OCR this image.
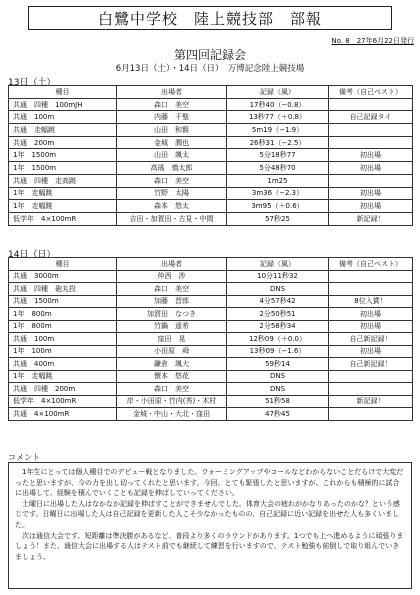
白鷺中学校　陸上競技部　部報
No. 8　27年6月22日発行
第四回記録会
6月13日（土）・14日（日）　万博記念陸上競技場
13日（土）
種目	出場者	記録（風）	備考（自己ベスト）
共通　四種　100mJH	森口　美空	17秒40（−0.8）	
共通　100m	内藤　千聖	13秒77（＋0.8）	自己記録タイ
共通　走幅跳	山田　和賢	5m19（−1.9）	
共通　200m	金城　潤也	26秒31（−2.5）	
1年　1500m	山田　颯太	5分18秒77	初出場
1年　1500m	高瑤　慎太郎	5分48秒70	初出場
共通　四種　走高跳	森口　美空	1m25	
1年　走幅跳	竹野　太陽	3m36（−2.3）	初出場
1年　走幅跳	森本　悠太	3m95（＋0.6）	初出場
低学年　4×100mR	吉田・加賀田・古見・中間	57秒25	新記録！
14日（日）
種目	出場者	記録（風）	備考（自己ベスト）
共通　3000m	仲西　渉	10分11秒32	
共通　四種　砲丸投	森口　美空	DNS	
共通　1500m	加藤　晋郎	4分57秒42	8位入賞！
1年　800m	加賀田　なつき	2分50秒51	初出場
1年　800m	竹鍋　遥希	2分58秒34	初出場
共通　100m	窪田　晃	12秒09（＋0.0）	自己新記録！
1年　100m	小田原　舜	13秒09（−1.6）	初出場
共通　400m	鎌倉　颯大	59秒14	自己新記録！
1年　走幅跳	懐本　悠花	DNS	
共通　四種　200m	森口　美空	DNS	
低学年　4×100mR	岸・小田原・竹内(秀)・木村	51秒58	新記録！
共通　4×100mR	金城・中山・大北・窪田	47秒45	
コメント

1年生にとっては個人種目でのデビュー戦となりました。ウォーミングアップやコールなどわからないことだらけで大変だったと思いますが、今の力を出し切ってくれたと思います。今回、とても緊張したと思いますが、これからも積極的に試合に出場して、経験を積んでいくことも記録を伸ばしていってください。

土曜日に出場した人はなかなか記録を伸ばすことができませんでした。体育大会の疲れがかなりあったのかな？という感じです。日曜日に出場した人は自己記録を更新した人こそ少なかったものの、自己記録に近い記録を出せた人も多くいました。

次は通信大会です。短距離は準決勝があるなど、普段より多くのラウンドがあります。1つでも上へ進めるように頑張りましょう！また、通信大会に出場する人はテスト前でも継続して練習を行いますので、テスト勉強も前倒しで取り組んでいきましょう。
